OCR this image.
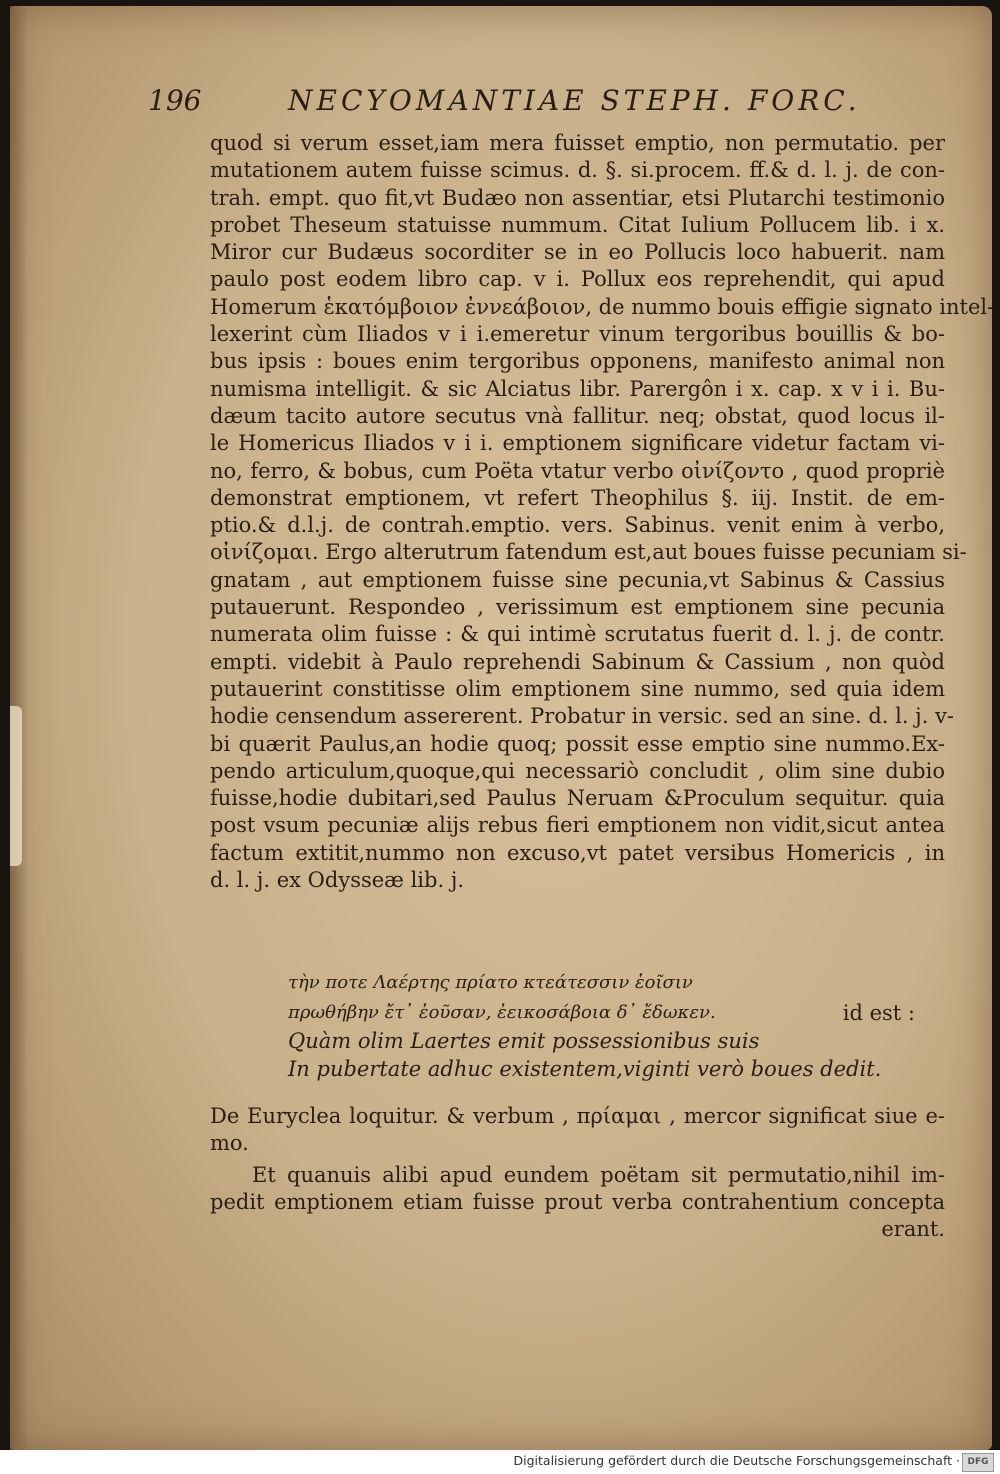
196	NECYOMANTIAE STEPH. FORC.
quod si verum esset,iam mera fuisset emptio, non permutatio. per
mutationem autem fuisse scimus. d. §. si.procem. ff.& d. l. j. de con-
trah. empt. quo fit,vt Budæo non assentiar, etsi Plutarchi testimonio
probet Theseum statuisse nummum. Citat Iulium Pollucem lib. i x.
Miror cur Budæus socorditer se in eo Pollucis loco habuerit. nam
paulo post eodem libro cap. v i. Pollux eos reprehendit, qui apud
Homerum ἑκατόμβοιον ἐννεάβοιον, de nummo bouis effigie signato intel-
lexerint cùm Iliados v i i.emeretur vinum tergoribus bouillis & bo-
bus ipsis : boues enim tergoribus opponens, manifesto animal non
numisma intelligit. & sic Alciatus libr. Parergôn i x. cap. x v i i. Bu-
dæum tacito autore secutus vnà fallitur. neq; obstat, quod locus il-
le Homericus Iliados v i i. emptionem significare videtur factam vi-
no, ferro, & bobus, cum Poëta vtatur verbo οἰνίζοντο , quod propriè
demonstrat emptionem, vt refert Theophilus §. iij. Instit. de em-
ptio.& d.l.j. de contrah.emptio. vers. Sabinus. venit enim à verbo,
οἰνίζομαι. Ergo alterutrum fatendum est,aut boues fuisse pecuniam si-
gnatam , aut emptionem fuisse sine pecunia,vt Sabinus & Cassius
putauerunt. Respondeo , verissimum est emptionem sine pecunia
numerata olim fuisse : & qui intimè scrutatus fuerit d. l. j. de contr.
empti. videbit à Paulo reprehendi Sabinum & Cassium , non quòd
putauerint constitisse olim emptionem sine nummo, sed quia idem
hodie censendum assererent. Probatur in versic. sed an sine. d. l. j. v-
bi quærit Paulus,an hodie quoq; possit esse emptio sine nummo.Ex-
pendo articulum,quoque,qui necessariò concludit , olim sine dubio
fuisse,hodie dubitari,sed Paulus Neruam &Proculum sequitur. quia
post vsum pecuniæ alijs rebus fieri emptionem non vidit,sicut antea
factum extitit,nummo non excuso,vt patet versibus Homericis , in
d. l. j. ex Odysseæ lib. j.
τὴν ποτε Λαέρτης πρίατο κτεάτεσσιν ἑοῖσιν
πρωθήβην ἔτ᾽ ἐοῦσαν, ἐεικοσάβοια δ᾽ ἔδωκεν.	id est :
Quàm olim Laertes emit possessionibus suis
In pubertate adhuc existentem,viginti verò boues dedit.
De Euryclea loquitur. & verbum , πρίαμαι , mercor significat siue e-
mo.
Et quanuis alibi apud eundem poëtam sit permutatio,nihil im-
pedit emptionem etiam fuisse prout verba contrahentium concepta
erant.
Digitalisierung gefördert durch die Deutsche Forschungsgemeinschaft · DFG
